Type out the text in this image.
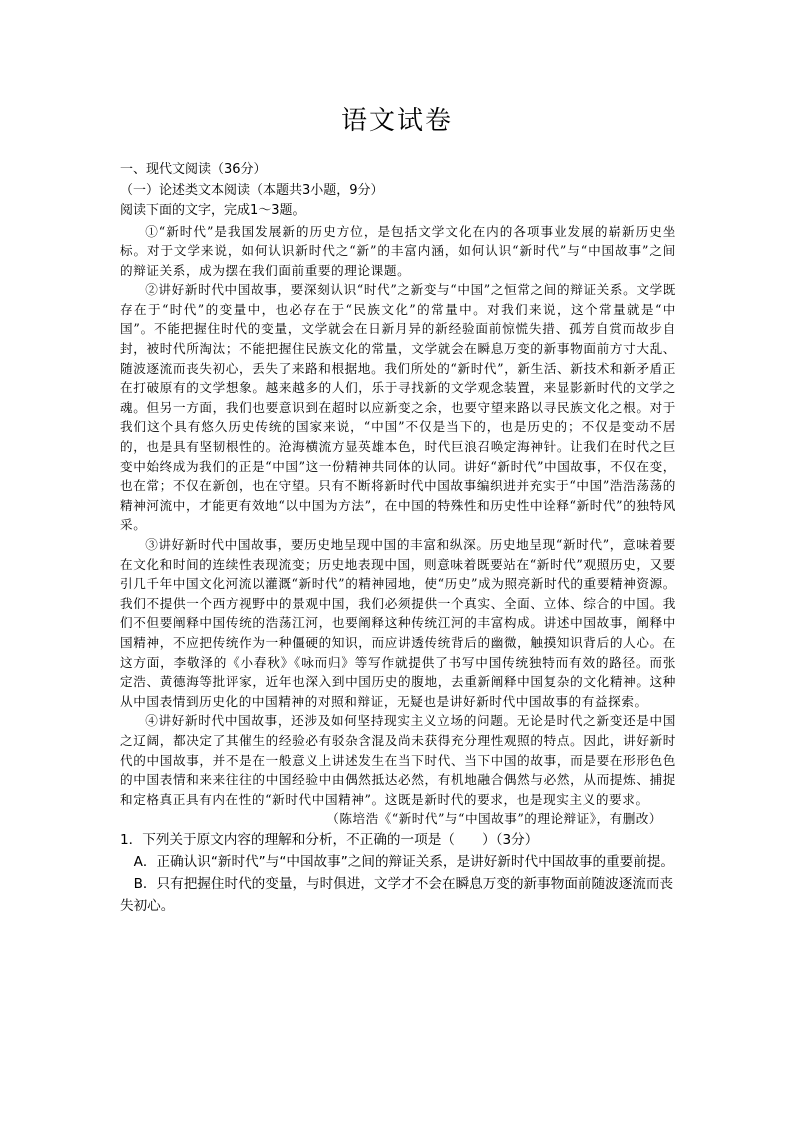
语文试卷
一、现代文阅读（36分）
（一）论述类文本阅读（本题共3小题，9分）
阅读下面的文字，完成1～3题。

①“新时代”是我国发展新的历史方位，是包括文学文化在内的各项事业发展的崭新历史坐标。对于文学来说，如何认识新时代之“新”的丰富内涵，如何认识“新时代”与“中国故事”之间的辩证关系，成为摆在我们面前重要的理论课题。

②讲好新时代中国故事，要深刻认识“时代”之新变与“中国”之恒常之间的辩证关系。文学既存在于“时代”的变量中，也必存在于“民族文化”的常量中。对我们来说，这个常量就是“中国”。不能把握住时代的变量，文学就会在日新月异的新经验面前惊慌失措、孤芳自赏而故步自封，被时代所淘汰；不能把握住民族文化的常量，文学就会在瞬息万变的新事物面前方寸大乱、随波逐流而丧失初心，丢失了来路和根据地。我们所处的“新时代”，新生活、新技术和新矛盾正在打破原有的文学想象。越来越多的人们，乐于寻找新的文学观念装置，来显影新时代的文学之魂。但另一方面，我们也要意识到在超时以应新变之余，也要守望来路以寻民族文化之根。对于我们这个具有悠久历史传统的国家来说，“中国”不仅是当下的，也是历史的；不仅是变动不居的，也是具有坚韧根性的。沧海横流方显英雄本色，时代巨浪召唤定海神针。让我们在时代之巨变中始终成为我们的正是“中国”这一份精神共同体的认同。讲好“新时代”中国故事，不仅在变，也在常；不仅在新创，也在守望。只有不断将新时代中国故事编织进并充实于“中国”浩浩荡荡的精神河流中，才能更有效地“以中国为方法”，在中国的特殊性和历史性中诠释“新时代”的独特风采。

③讲好新时代中国故事，要历史地呈现中国的丰富和纵深。历史地呈现“新时代”，意味着要在文化和时间的连续性表现流变；历史地表现中国，则意味着既要站在“新时代”观照历史，又要引几千年中国文化河流以灌溉“新时代”的精神园地，使“历史”成为照亮新时代的重要精神资源。我们不提供一个西方视野中的景观中国，我们必须提供一个真实、全面、立体、综合的中国。我们不但要阐释中国传统的浩荡江河，也要阐释这种传统江河的丰富构成。讲述中国故事，阐释中国精神，不应把传统作为一种僵硬的知识，而应讲透传统背后的幽微，触摸知识背后的人心。在这方面，李敬泽的《小春秋》《咏而归》等写作就提供了书写中国传统独特而有效的路径。而张定浩、黄德海等批评家，近年也深入到中国历史的腹地，去重新阐释中国复杂的文化精神。这种从中国表情到历史化的中国精神的对照和辩证，无疑也是讲好新时代中国故事的有益探索。

④讲好新时代中国故事，还涉及如何坚持现实主义立场的问题。无论是时代之新变还是中国之辽阔，都决定了其催生的经验必有驳杂含混及尚未获得充分理性观照的特点。因此，讲好新时代的中国故事，并不是在一般意义上讲述发生在当下时代、当下中国的故事，而是要在形形色色的中国表情和来来往往的中国经验中由偶然抵达必然，有机地融合偶然与必然，从而提炼、捕捉和定格真正具有内在性的“新时代中国精神”。这既是新时代的要求，也是现实主义的要求。

（陈培浩《“新时代”与“中国故事”的理论辩证》，有删改）
1．下列关于原文内容的理解和分析，不正确的一项是（　　）（3分）
A．正确认识“新时代”与“中国故事”之间的辩证关系，是讲好新时代中国故事的重要前提。
B．只有把握住时代的变量，与时俱进，文学才不会在瞬息万变的新事物面前随波逐流而丧失初心。
